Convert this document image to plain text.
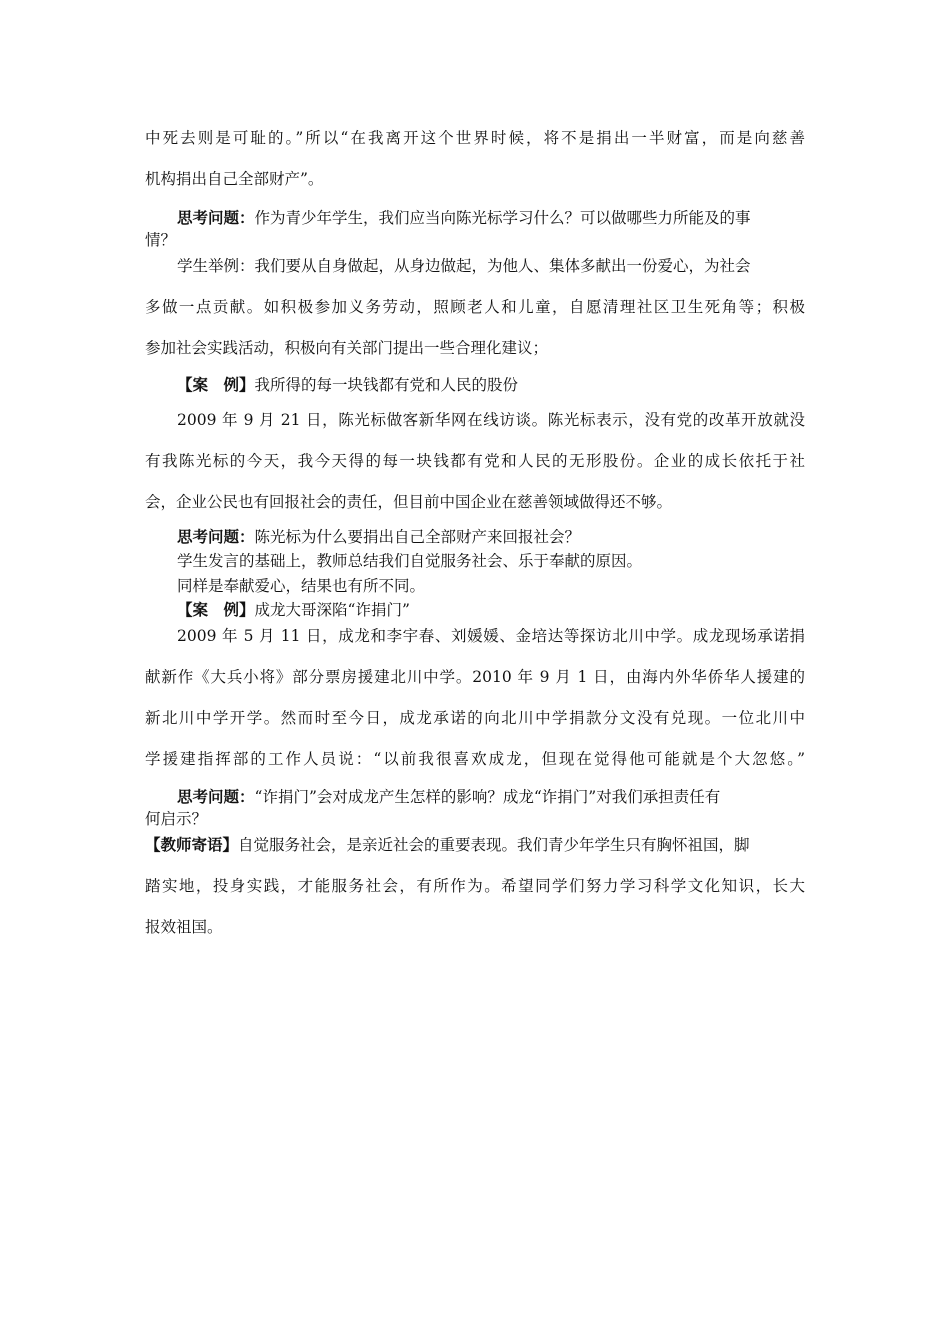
中死去则是可耻的。”所以“在我离开这个世界时候，将不是捐出一半财富，而是向慈善
机构捐出自己全部财产”。
思考问题：作为青少年学生，我们应当向陈光标学习什么？可以做哪些力所能及的事
情？
学生举例：我们要从自身做起，从身边做起，为他人、集体多献出一份爱心，为社会
多做一点贡献。如积极参加义务劳动，照顾老人和儿童，自愿清理社区卫生死角等；积极
参加社会实践活动，积极向有关部门提出一些合理化建议；
【案　例】我所得的每一块钱都有党和人民的股份
2009 年 9 月 21 日，陈光标做客新华网在线访谈。陈光标表示，没有党的改革开放就没
有我陈光标的今天，我今天得的每一块钱都有党和人民的无形股份。企业的成长依托于社
会，企业公民也有回报社会的责任，但目前中国企业在慈善领域做得还不够。
思考问题：陈光标为什么要捐出自己全部财产来回报社会？
学生发言的基础上，教师总结我们自觉服务社会、乐于奉献的原因。
同样是奉献爱心，结果也有所不同。
【案　例】成龙大哥深陷“诈捐门”
2009 年 5 月 11 日，成龙和李宇春、刘媛媛、金培达等探访北川中学。成龙现场承诺捐
献新作《大兵小将》部分票房援建北川中学。2010 年 9 月 1 日，由海内外华侨华人援建的
新北川中学开学。然而时至今日，成龙承诺的向北川中学捐款分文没有兑现。一位北川中
学援建指挥部的工作人员说：“以前我很喜欢成龙，但现在觉得他可能就是个大忽悠。”
思考问题：“诈捐门”会对成龙产生怎样的影响？成龙“诈捐门”对我们承担责任有
何启示？
【教师寄语】自觉服务社会，是亲近社会的重要表现。我们青少年学生只有胸怀祖国，脚
踏实地，投身实践，才能服务社会，有所作为。希望同学们努力学习科学文化知识，长大
报效祖国。
